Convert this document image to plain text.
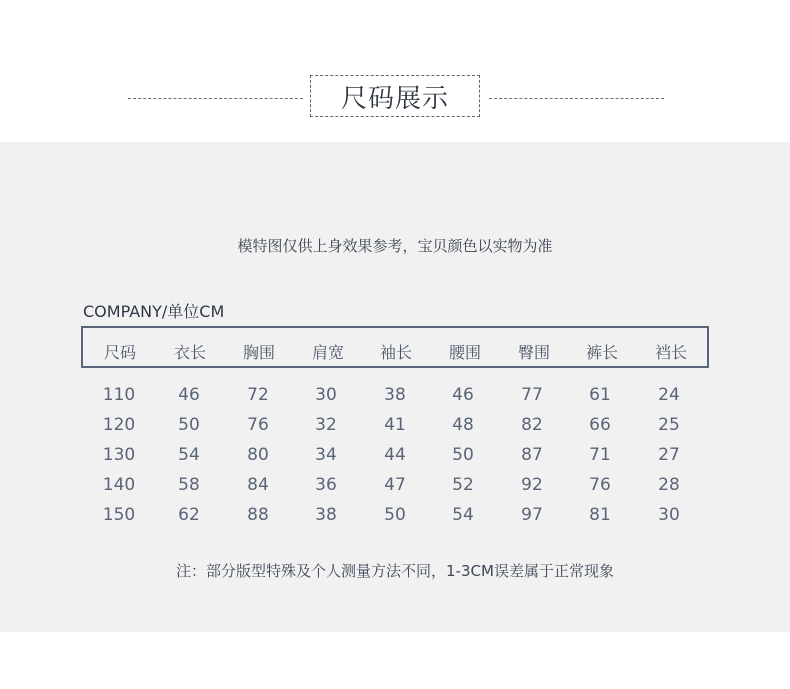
尺码展示
模特图仅供上身效果参考，宝贝颜色以实物为准
COMPANY/单位CM
尺码	衣长	胸围	肩宽	袖长	腰围	臀围	裤长	裆长
110	46	72	30	38	46	77	61	24
120	50	76	32	41	48	82	66	25
130	54	80	34	44	50	87	71	27
140	58	84	36	47	52	92	76	28
150	62	88	38	50	54	97	81	30
注：部分版型特殊及个人测量方法不同，1-3CM误差属于正常现象
